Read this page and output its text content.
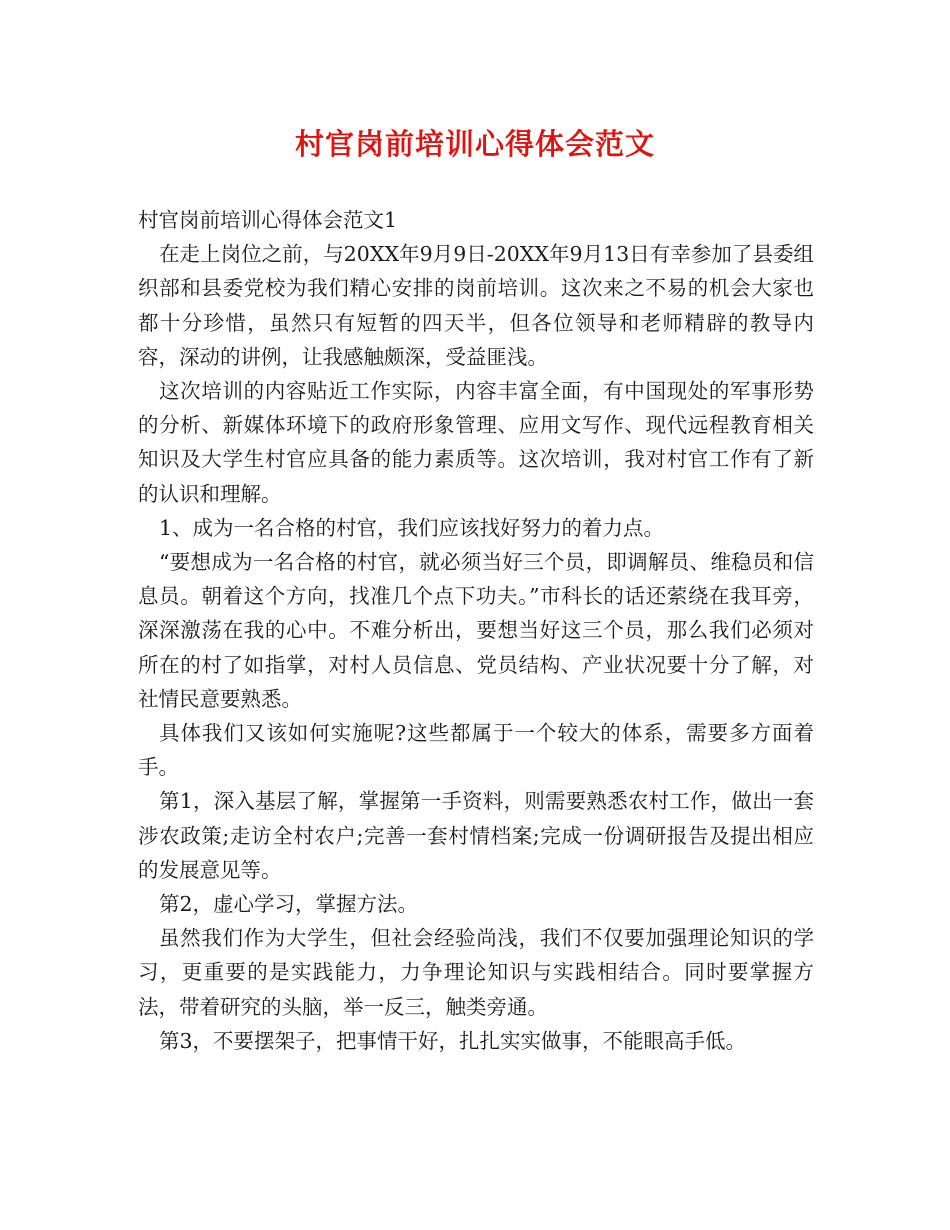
村官岗前培训心得体会范文

村官岗前培训心得体会范文1

在走上岗位之前，与20XX年9月9日-20XX年9月13日有幸参加了县委组织部和县委党校为我们精心安排的岗前培训。这次来之不易的机会大家也都十分珍惜，虽然只有短暂的四天半，但各位领导和老师精辟的教导内容，深动的讲例，让我感触颇深，受益匪浅。

这次培训的内容贴近工作实际，内容丰富全面，有中国现处的军事形势的分析、新媒体环境下的政府形象管理、应用文写作、现代远程教育相关知识及大学生村官应具备的能力素质等。这次培训，我对村官工作有了新的认识和理解。

1、成为一名合格的村官，我们应该找好努力的着力点。

“要想成为一名合格的村官，就必须当好三个员，即调解员、维稳员和信息员。朝着这个方向，找准几个点下功夫。”市科长的话还萦绕在我耳旁，深深激荡在我的心中。不难分析出，要想当好这三个员，那么我们必须对所在的村了如指掌，对村人员信息、党员结构、产业状况要十分了解，对社情民意要熟悉。

具体我们又该如何实施呢?这些都属于一个较大的体系，需要多方面着手。

第1，深入基层了解，掌握第一手资料，则需要熟悉农村工作，做出一套涉农政策;走访全村农户;完善一套村情档案;完成一份调研报告及提出相应的发展意见等。

第2，虚心学习，掌握方法。

虽然我们作为大学生，但社会经验尚浅，我们不仅要加强理论知识的学习，更重要的是实践能力，力争理论知识与实践相结合。同时要掌握方法，带着研究的头脑，举一反三，触类旁通。

第3，不要摆架子，把事情干好，扎扎实实做事，不能眼高手低。
